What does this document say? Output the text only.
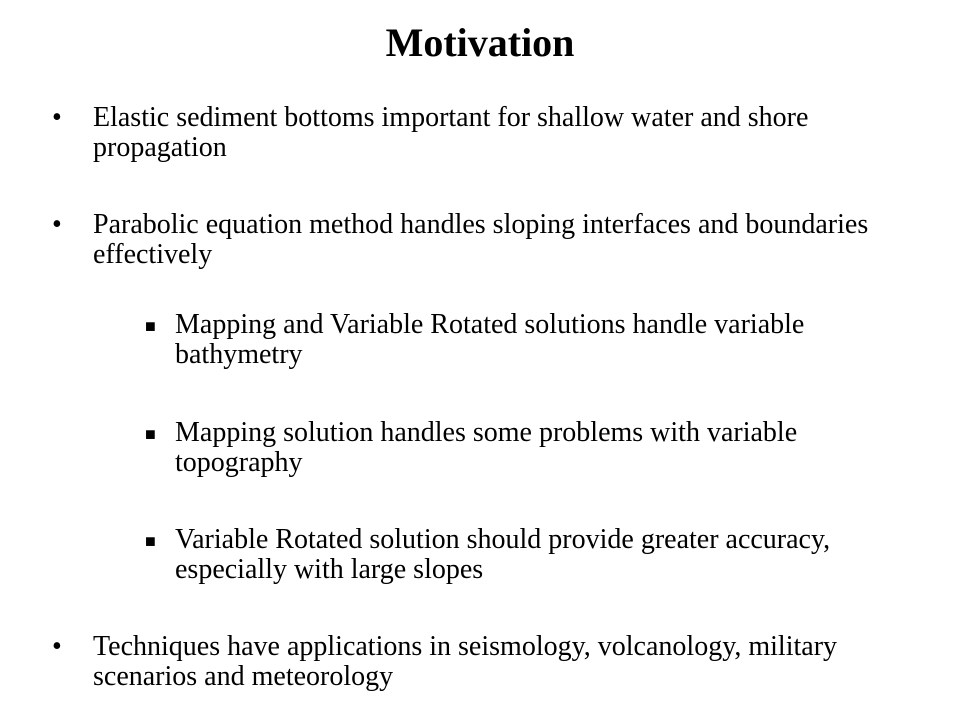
Motivation
• Elastic sediment bottoms important for shallow water and shore propagation
• Parabolic equation method handles sloping interfaces and boundaries effectively
■ Mapping and Variable Rotated solutions handle variable bathymetry
■ Mapping solution handles some problems with variable topography
■ Variable Rotated solution should provide greater accuracy, especially with large slopes
• Techniques have applications in seismology, volcanology, military scenarios and meteorology
